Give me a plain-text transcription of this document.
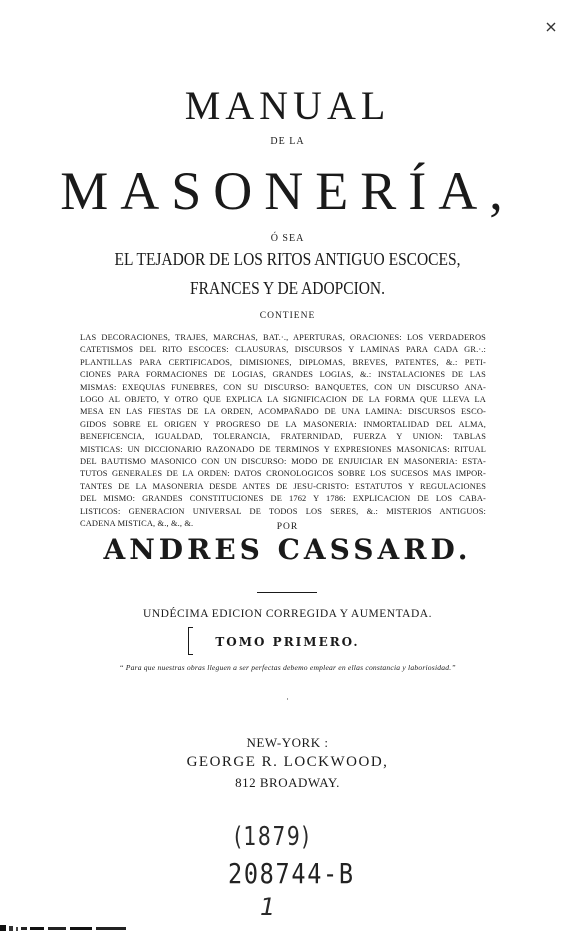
MANUAL
DE LA
MASONERÍA,
Ó SEA
EL TEJADOR DE LOS RITOS ANTIGUO ESCOCES,
FRANCES Y DE ADOPCION.
CONTIENE
LAS DECORACIONES, TRAJES, MARCHAS, BAT.·., APERTURAS, ORACIONES: LOS VERDADEROS
CATETISMOS DEL RITO ESCOCES: CLAUSURAS, DISCURSOS Y LAMINAS PARA CADA GR.·.:
PLANTILLAS PARA CERTIFICADOS, DIMISIONES, DIPLOMAS, BREVES, PATENTES, &.: PETI-
CIONES PARA FORMACIONES DE LOGIAS, GRANDES LOGIAS, &.: INSTALACIONES DE LAS
MISMAS: EXEQUIAS FUNEBRES, CON SU DISCURSO: BANQUETES, CON UN DISCURSO ANA-
LOGO AL OBJETO, Y OTRO QUE EXPLICA LA SIGNIFICACION DE LA FORMA QUE LLEVA LA
MESA EN LAS FIESTAS DE LA ORDEN, ACOMPAÑADO DE UNA LAMINA: DISCURSOS ESCO-
GIDOS SOBRE EL ORIGEN Y PROGRESO DE LA MASONERIA: INMORTALIDAD DEL ALMA,
BENEFICENCIA, IGUALDAD, TOLERANCIA, FRATERNIDAD, FUERZA Y UNION: TABLAS
MISTICAS: UN DICCIONARIO RAZONADO DE TERMINOS Y EXPRESIONES MASONICAS: RITUAL
DEL BAUTISMO MASONICO CON UN DISCURSO: MODO DE ENJUICIAR EN MASONERIA: ESTA-
TUTOS GENERALES DE LA ORDEN: DATOS CRONOLOGICOS SOBRE LOS SUCESOS MAS IMPOR-
TANTES DE LA MASONERIA DESDE ANTES DE JESU-CRISTO: ESTATUTOS Y REGULACIONES
DEL MISMO: GRANDES CONSTITUCIONES DE 1762 Y 1786: EXPLICACION DE LOS CABA-
LISTICOS: GENERACION UNIVERSAL DE TODOS LOS SERES, &.: MISTERIOS ANTIGUOS:
CADENA MISTICA, &., &., &.	POR
ANDRES CASSARD.
UNDÉCIMA EDICION CORREGIDA Y AUMENTADA.
TOMO PRIMERO.
“ Para que nuestras obras lleguen a ser perfectas debemo emplear en ellas constancia y laboriosidad.”
·
NEW-YORK :
GEORGE R. LOCKWOOD,
812 BROADWAY.
(1879)
208744-B
1
